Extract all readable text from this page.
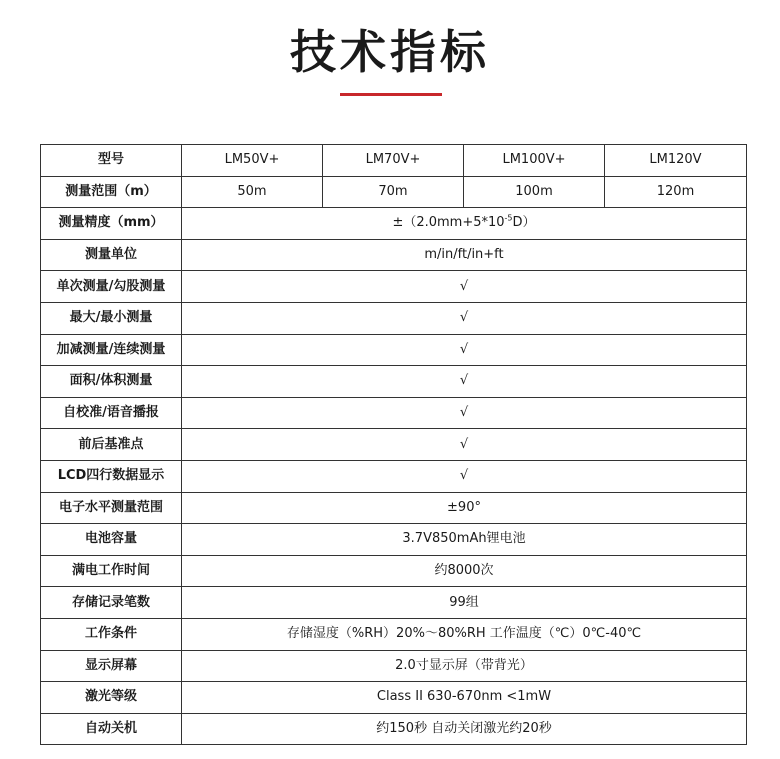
技术指标
型号	LM50V+	LM70V+	LM100V+	LM120V
测量范围（m）	50m	70m	100m	120m
测量精度（mm）	$\pm(2.0mm+5*10^{-5}D)$			
测量单位	m/in/ft/in+ft			
单次测量/勾股测量	√			
最大/最小测量	√			
加减测量/连续测量	√			
面积/体积测量	√			
自校准/语音播报	√			
前后基准点	√			
LCD四行数据显示	√			
电子水平测量范围	±90°			
电池容量	3.7V850mAh锂电池			
满电工作时间	约8000次			
存储记录笔数	99组			
工作条件	存储湿度（%RH）20%～80%RH 工作温度（℃）0℃-40℃			
显示屏幕	2.0寸显示屏（带背光）			
激光等级	Class II 630-670nm <1mW			
自动关机	约150秒 自动关闭激光约20秒			
